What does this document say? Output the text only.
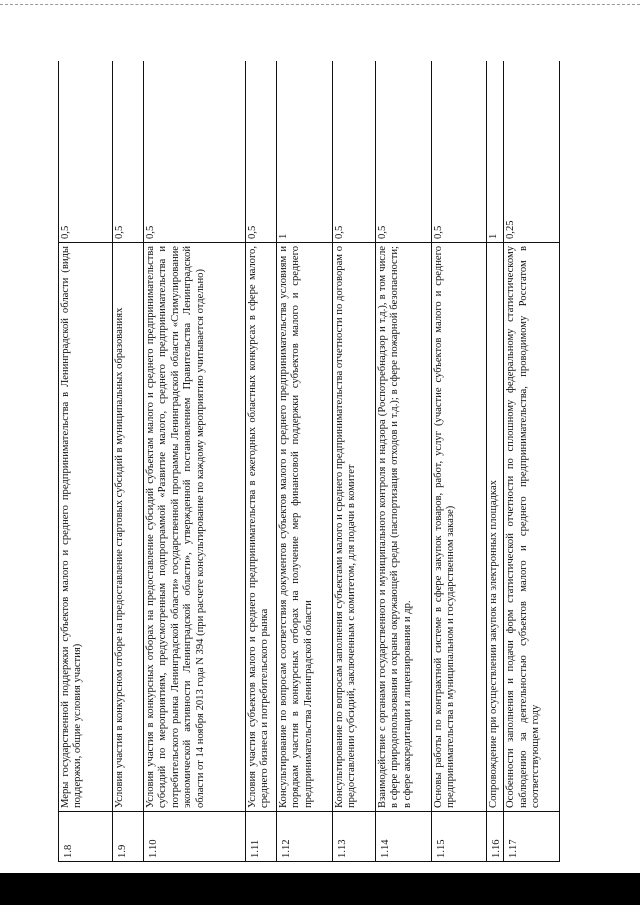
1.8	Меры государственной поддержки субъектов малого и среднего предпринимательства в Ленинградской области (виды поддержки, общие условия участия)	0,5
1.9	Условия участия в конкурсном отборе на предоставление стартовых субсидий в муниципальных образованиях	0,5
1.10	Условия участия в конкурсных отборах на предоставление субсидий субъектам малого и среднего предпринимательства субсидий по мероприятиям, предусмотренным подпрограммой «Развитие малого, среднего предпринимательства и потребительского рынка Ленинградской области» государственной программы Ленинградской области «Стимулирование экономической активности Ленинградской области», утвержденной постановлением Правительства Ленинградской области от 14 ноября 2013 года N 394 (при расчете консультирование по каждому мероприятию учитывается отдельно)	0,5
1.11	Условия участия субъектов малого и среднего предпринимательства в ежегодных областных конкурсах в сфере малого, среднего бизнеса и потребительского рынка	0,5
1.12	Консультирование по вопросам соответствия документов субъектов малого и среднего предпринимательства условиям и порядкам участия в конкурсных отборах на получение мер финансовой поддержки субъектов малого и среднего предпринимательства Ленинградской области	1
1.13	Консультирование по вопросам заполнения субъектами малого и среднего предпринимательства отчетности по договорам о предоставлении субсидий, заключенным с комитетом, для подачи в комитет	0,5
1.14	Взаимодействие с органами государственного и муниципального контроля и надзора (Роспотребнадзор и т.д.), в том числе в сфере природопользования и охраны окружающей среды (паспортизация отходов и т.д.); в сфере пожарной безопасности; в сфере аккредитации и лицензирования и др.	0,5
1.15	Основы работы по контрактной системе в сфере закупок товаров, работ, услуг (участие субъектов малого и среднего предпринимательства в муниципальном и государственном заказе)	0,5
1.16	Сопровождение при осуществлении закупок на электронных площадках	1
1.17	Особенности заполнения и подачи форм статистической отчетности по сплошному федеральному статистическому наблюдению за деятельностью субъектов малого и среднего предпринимательства, проводимому Росстатом в соответствующем году	0,25
